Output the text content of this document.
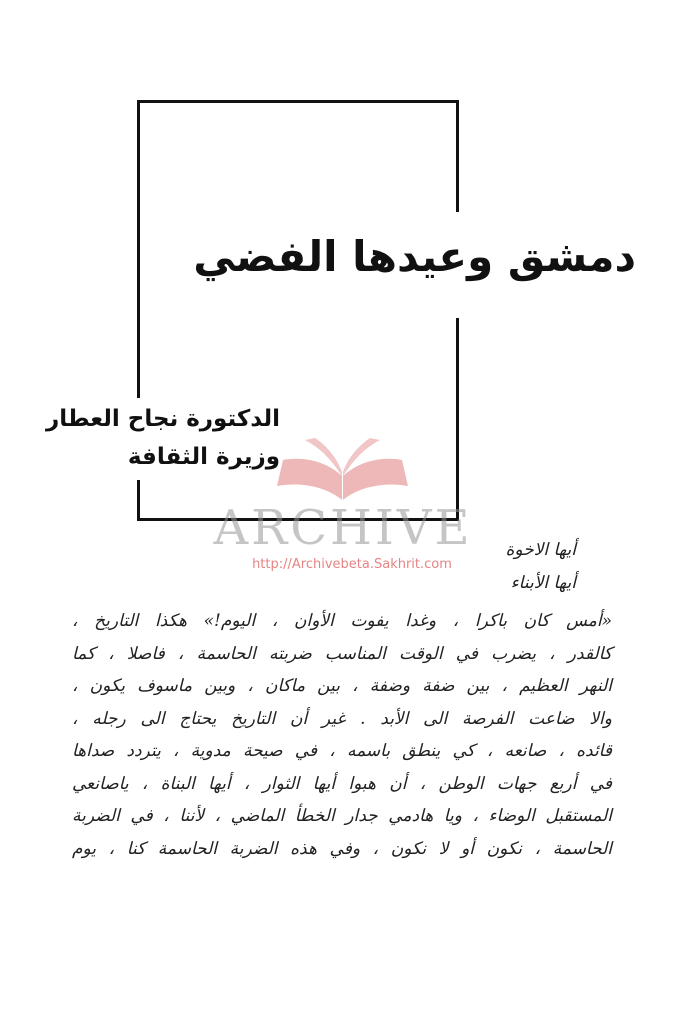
دمشق وعيدها الفضي
الدكتورة نجاح العطار
وزيرة الثقافة
ARCHIVE
http://Archivebeta.Sakhrit.com
أيها الاخوة
أيها الأبناء
«أمس كان باكرا ، وغدا يفوت الأوان ، اليوم!» هكذا التاريخ ،
كالقدر ، يضرب في الوقت المناسب ضربته الحاسمة ، فاصلا ، كما
النهر العظيم ، بين ضفة وضفة ، بين ماكان ، وبين ماسوف يكون ،
والا ضاعت الفرصة الى الأبد . غير أن التاريخ يحتاج الى رجله ،
قائده ، صانعه ، كي ينطق باسمه ، في صيحة مدوية ، يتردد صداها
في أربع جهات الوطن ، أن هبوا أيها الثوار ، أيها البناة ، ياصانعي
المستقبل الوضاء ، ويا هادمي جدار الخطأ الماضي ، لأننا ، في الضربة
الحاسمة ، نكون أو لا نكون ، وفي هذه الضربة الحاسمة كنا ، يوم
